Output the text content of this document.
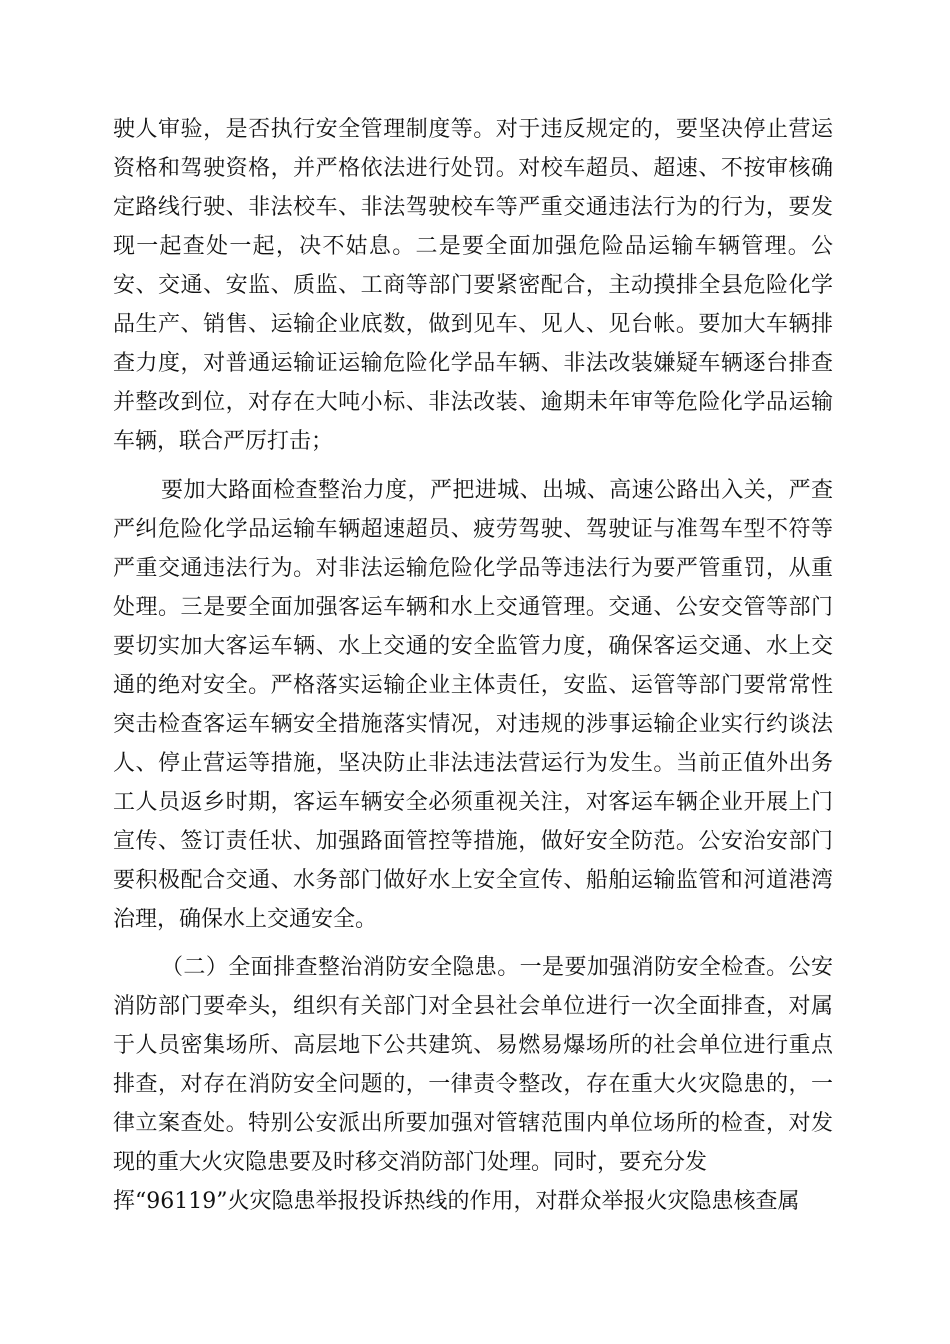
驶人审验，是否执行安全管理制度等。对于违反规定的，要坚决停止营运
资格和驾驶资格，并严格依法进行处罚。对校车超员、超速、不按审核确
定路线行驶、非法校车、非法驾驶校车等严重交通违法行为的行为，要发
现一起查处一起，决不姑息。二是要全面加强危险品运输车辆管理。公
安、交通、安监、质监、工商等部门要紧密配合，主动摸排全县危险化学
品生产、销售、运输企业底数，做到见车、见人、见台帐。要加大车辆排
查力度，对普通运输证运输危险化学品车辆、非法改装嫌疑车辆逐台排查
并整改到位，对存在大吨小标、非法改装、逾期未年审等危险化学品运输
车辆，联合严厉打击；
要加大路面检查整治力度，严把进城、出城、高速公路出入关，严查
严纠危险化学品运输车辆超速超员、疲劳驾驶、驾驶证与准驾车型不符等
严重交通违法行为。对非法运输危险化学品等违法行为要严管重罚，从重
处理。三是要全面加强客运车辆和水上交通管理。交通、公安交管等部门
要切实加大客运车辆、水上交通的安全监管力度，确保客运交通、水上交
通的绝对安全。严格落实运输企业主体责任，安监、运管等部门要常常性
突击检查客运车辆安全措施落实情况，对违规的涉事运输企业实行约谈法
人、停止营运等措施，坚决防止非法违法营运行为发生。当前正值外出务
工人员返乡时期，客运车辆安全必须重视关注，对客运车辆企业开展上门
宣传、签订责任状、加强路面管控等措施，做好安全防范。公安治安部门
要积极配合交通、水务部门做好水上安全宣传、船舶运输监管和河道港湾
治理，确保水上交通安全。
（二）全面排查整治消防安全隐患。一是要加强消防安全检查。公安
消防部门要牵头，组织有关部门对全县社会单位进行一次全面排查，对属
于人员密集场所、高层地下公共建筑、易燃易爆场所的社会单位进行重点
排查，对存在消防安全问题的，一律责令整改，存在重大火灾隐患的，一
律立案查处。特别公安派出所要加强对管辖范围内单位场所的检查，对发
现的重大火灾隐患要及时移交消防部门处理。同时，要充分发
挥“96119”火灾隐患举报投诉热线的作用，对群众举报火灾隐患核查属
